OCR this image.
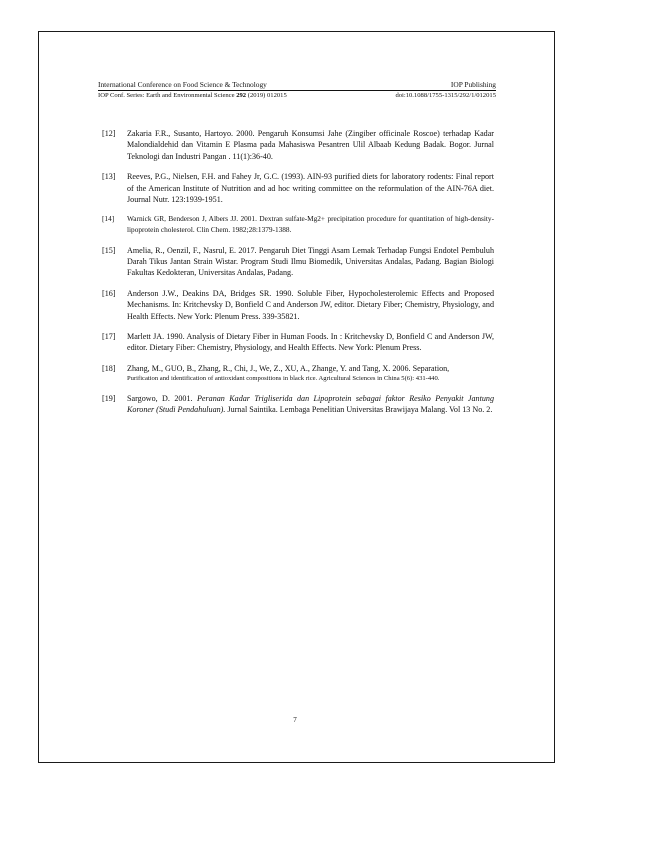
International Conference on Food Science & Technology	IOP Publishing
IOP Conf. Series: Earth and Environmental Science 292 (2019) 012015	doi:10.1088/1755-1315/292/1/012015
[12] Zakaria F.R., Susanto, Hartoyo. 2000. Pengaruh Konsumsi Jahe (Zingiber officinale Roscoe) terhadap Kadar Malondialdehid dan Vitamin E Plasma pada Mahasiswa Pesantren Ulil Albaab Kedung Badak. Bogor. Jurnal Teknologi dan Industri Pangan . 11(1):36-40.
[13] Reeves, P.G., Nielsen, F.H. and Fahey Jr, G.C. (1993). AIN-93 purified diets for laboratory rodents: Final report of the American Institute of Nutrition and ad hoc writing committee on the reformulation of the AIN-76A diet. Journal Nutr. 123:1939-1951.
[14] Warnick GR, Benderson J, Albers JJ. 2001. Dextran sulfate-Mg2+ precipitation procedure for quantitation of high-density-lipoprotein cholesterol. Clin Chem. 1982;28:1379-1388.
[15] Amelia, R., Oenzil, F., Nasrul, E. 2017. Pengaruh Diet Tinggi Asam Lemak Terhadap Fungsi Endotel Pembuluh Darah Tikus Jantan Strain Wistar. Program Studi Ilmu Biomedik, Universitas Andalas, Padang. Bagian Biologi Fakultas Kedokteran, Universitas Andalas, Padang.
[16] Anderson J.W., Deakins DA, Bridges SR. 1990. Soluble Fiber, Hypocholesterolemic Effects and Proposed Mechanisms. In: Kritchevsky D, Bonfield C and Anderson JW, editor. Dietary Fiber; Chemistry, Physiology, and Health Effects. New York: Plenum Press. 339-35821.
[17] Marlett JA. 1990. Analysis of Dietary Fiber in Human Foods. In : Kritchevsky D, Bonfield C and Anderson JW, editor. Dietary Fiber: Chemistry, Physiology, and Health Effects. New York: Plenum Press.
[18] Zhang, M., GUO, B., Zhang, R., Chi, J., We, Z., XU, A., Zhange, Y. and Tang, X. 2006. Separation,
Purification and identification of antioxidant compositions in black rice. Agricultural Sciences in China 5(6): 431-440.
[19] Sargowo, D. 2001. Peranan Kadar Trigliserida dan Lipoprotein sebagai faktor Resiko Penyakit Jantung Koroner (Studi Pendahuluan). Jurnal Saintika. Lembaga Penelitian Universitas Brawijaya Malang. Vol 13 No. 2.
7
